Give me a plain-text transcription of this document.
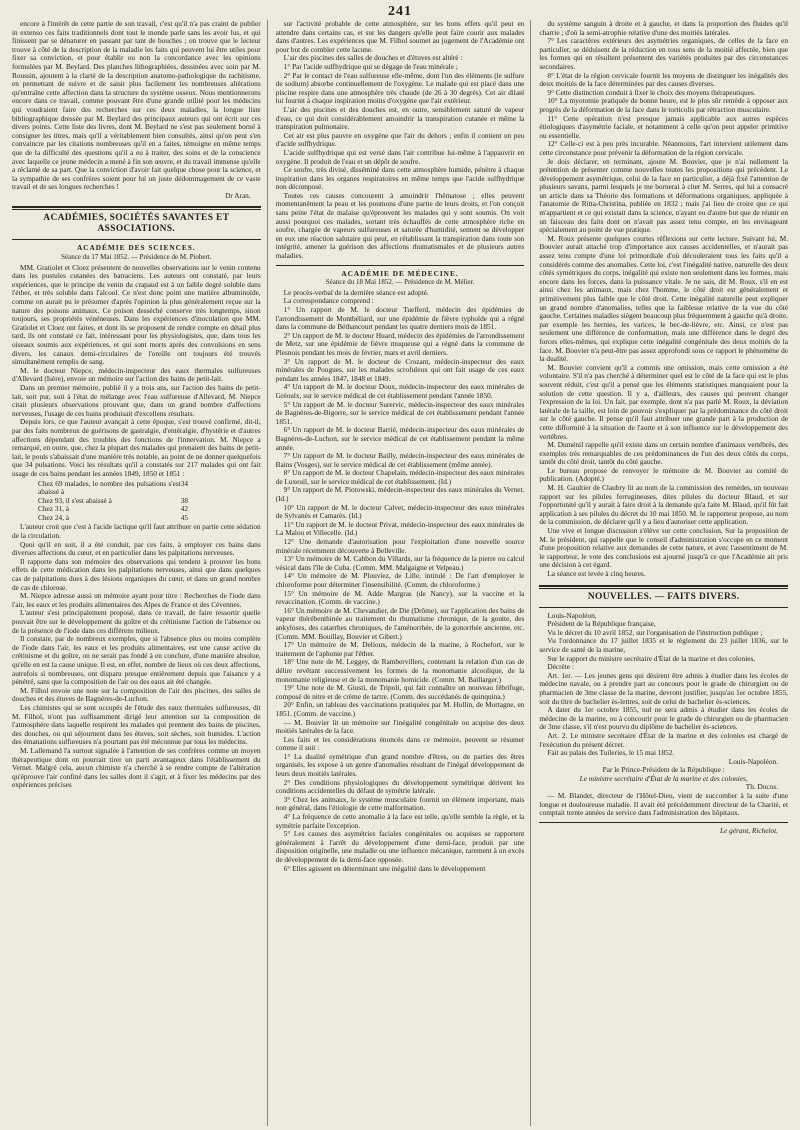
241

encore à l'intérêt de cette partie de son travail, c'est qu'il n'a pas craint de publier in extenso ces faits traditionnels dont tout le monde parle sans les avoir lus, et qui finissent par se dénaturer en passant par tant de bouches ; on trouve que le lecteur trouve à côté de la description de la maladie les faits qui peuvent lui être utiles pour fixer sa conviction, et pour établir ou non la concordance avec les opinions formulées par M. Beylard. Des planches lithographiées, dessinées avec soin par M. Roussin, ajoutent à la clarté de la description anatomo-pathologique du rachitisme, en permettant de suivre et de saisir plus facilement les nombreuses altérations qu'entraîne cette affection dans la structure du système osseux. Nous mentionnerons encore dans ce travail, comme pouvant être d'une grande utilité pour les médecins qui voudraient faire des recherches sur ces deux maladies, la longue liste bibliographique dressée par M. Beylard des principaux auteurs qui ont écrit sur ces divers points. Cette liste des livres, dont M. Beylard ne s'est pas seulement borné à consigner les titres, mais qu'il a véritablement bien consultés, ainsi qu'on peut s'en convaincre par les citations nombreuses qu'il en a faites, témoigne en même temps que de la difficulté des questions qu'il a eu à traiter, des soins et de la conscience avec laquelle ce jeune médecin a mené à fin son œuvre, et du travail immense qu'elle a réclamé de sa part. Que la conviction d'avoir fait quelque chose pour la science, et la sympathie de ses confrères soient pour lui un juste dédommagement de ce vaste travail et de ses longues recherches !

Dr Aran.

ACADÉMIES, SOCIÉTÉS SAVANTES ET ASSOCIATIONS.
ACADÉMIE DES SCIENCES.
Séance du 17 Mai 1852. — Présidence de M. Piobert.

MM. Gratiolet et Cloez présentent de nouvelles observations sur le venin contenu dans les pustules cutanées des batraciens. Les auteurs ont constaté, par leurs expériences, que le principe du venin du crapaud est à un faible degré soluble dans l'éther, et très soluble dans l'alcool. Ce n'est donc point une matière albuminoïde, comme on aurait pu le présumer d'après l'opinion la plus généralement reçue sur la nature des poisons animaux. Ce poison desséché conserve très longtemps, sinon toujours, ses propriétés vénéneuses. Dans les expériences d'inoculation que MM. Gratiolet et Cloez ont faites, et dont ils se proposent de rendre compte en détail plus tard, ils ont constaté ce fait, intéressant pour les physiologistes, que, dans tous les oiseaux soumis aux expériences, et qui sont morts après des convulsions en sens divers, les canaux demi-circulaires de l'oreille ont toujours été trouvés simultanément remplis de sang.

M. le docteur Niepce, médecin-inspecteur des eaux thermales sulfureuses d'Allevard (Isère), envoie un mémoire sur l'action des bains de petit-lait.

Dans un premier mémoire, publié il y a trois ans, sur l'action des bains de petit-lait, soit pur, soit à l'état de mélange avec l'eau sulfureuse d'Allevard, M. Niepce citait plusieurs observations prouvant que, dans un grand nombre d'affections nerveuses, l'usage de ces bains produisait d'excellens résultats.

Depuis lors, ce que l'auteur avançait à cette époque, s'est trouvé confirmé, dit-il, par des faits nombreux de guérisons de gastralgie, d'entéralgie, d'hystérie et d'autres affections dépendant des troubles des fonctions de l'innervation. M. Niepce a remarqué, en outre, que, chez la plupart des malades qui prenaient des bains de petit-lait, le pouls s'abaissait d'une manière très notable, au point de ne donner quelquefois que 34 pulsations. Voici les résultats qu'il a constatés sur 217 malades qui ont fait usage de ces bains pendant les années 1849, 1850 et 1851 :

Chez 69 malades, le nombre des pulsations s'est abaissé à
34
Chez 93, il s'est abaissé à	38
Chez 31, à	42
Chez 24, à	45

L'auteur croit que c'est à l'acide lactique qu'il faut attribuer en partie cette sédation de la circulation.

Quoi qu'il en soit, il a été conduit, par ces faits, à employer ces bains dans diverses affections du cœur, et en particulier dans les palpitations nerveuses.

Il rapporte dans son mémoire des observations qui tendent à prouver les bons effets de cette médication dans les palpitations nerveuses, ainsi que dans quelques cas de palpitations dues à des lésions organiques du cœur, et dans un grand nombre de cas de chlorose.

M. Niepce adresse aussi un mémoire ayant pour titre : Recherches de l'iode dans l'air, les eaux et les produits alimentaires des Alpes de France et des Cévennes.

L'auteur s'est principalement proposé, dans ce travail, de faire ressortir quelle pouvait être sur le développement du goître et du crétinisme l'action de l'absence ou de la présence de l'iode dans ces différens milieux.

Il constate, par de nombreux exemples, que si l'absence plus ou moins complète de l'iode dans l'air, les eaux et les produits alimentaires, est une cause active du crétinisme et du goître, on ne serait pas fondé à en conclure, d'une manière absolue, qu'elle en est la cause unique. Il est, en effet, nombre de lieux où ces deux affections, autrefois si nombreuses, ont disparu presque entièrement depuis que l'aisance y a pénétré, sans que la composition de l'air ou des eaux ait été changée.

M. Filhol envoie une note sur la composition de l'air des piscines, des salles de douches et des étuves de Bagnères-de-Luchon.

Les chimistes qui se sont occupés de l'étude des eaux thermales sulfureuses, dit M. Filhol, n'ont pas suffisamment dirigé leur attention sur la composition de l'atmosphère dans laquelle respirent les malades qui prennent des bains de piscines, des douches, ou qui séjournent dans les étuves, soit sèches, soit humides. L'action des émanations sulfureuses n'a pourtant pas été méconnue par tous les médecins.

M. Lallemand l'a surtout signalée à l'attention de ses confrères comme un moyen thérapeutique dont on pourrait tirer un parti avantageux dans l'établissement du Vernet. Malgré cela, aucun chimiste n'a cherché à se rendre compte de l'altération qu'éprouve l'air confiné dans les salles dont il s'agit, et à fixer les médecins par des expériences précises

sur l'activité probable de cette atmosphère, sur les bons effets qu'il peut en attendre dans certains cas, et sur les dangers qu'elle peut faire courir aux malades dans d'autres. Les expériences que M. Filhol soumet au jugement de l'Académie ont pour but de combler cette lacune.

L'air des piscines des salles de douches et d'étuves est altéré :

1° Par l'acide sulfhydrique qui se dégage de l'eau minérale ;

2° Par le contact de l'eau sulfureuse elle-même, dont l'un des éléments (le sulfure de sodium) absorbe continuellement de l'oxygène. Le malade qui est placé dans une piscine respire dans une atmosphère très chaude (de 26 à 30 degrés). Cet air dilaté lui fournit à chaque inspiration moins d'oxygène que l'air extérieur.

L'air des piscines et des douches est, en outre, sensiblement saturé de vapeur d'eau, ce qui doit considérablement amoindrir la transpiration cutanée et même la transpiration pulmonaire.

Cet air est plus pauvre en oxygène que l'air du dehors ; enfin il contient un peu d'acide sulfhydrique.

L'acide sulfhydrique qui est versé dans l'air contribue lui-même à l'appauvrir en oxygène. Il produit de l'eau et un dépôt de soufre.

Ce soufre, très divisé, disséminé dans cette atmosphère humide, pénètre à chaque inspiration dans les organes respiratoires en même temps que l'acide sulfhydrique non décomposé.

Toutes ces causes concourent à amoindrir l'hématose ; elles peuvent momentanément la peau et les poumons d'une partie de leurs droits, et l'on conçoit sans peine l'état de malaise qu'éprouvent les malades qui y sont soumis. On voit aussi pourquoi ces malades, sortant très échauffés de cette atmosphère riche en soufre, chargée de vapeurs sulfureuses et saturée d'humidité, sentent se développer en eux une réaction salutaire qui peut, en rétablissant la transpiration dans toute son intégrité, amener la guérison des affections rhumatismales et de plusieurs autres maladies.

ACADÉMIE DE MÉDECINE.
Séance du 18 Mai 1852. — Présidence de M. Mélier.

Le procès-verbal de la dernière séance est adopté.

La correspondance comprend :

1° Un rapport de M. le docteur Tuefferd, médecin des épidémies de l'arrondissement de Montbéliard, sur une épidémie de fièvre typhoïde qui a régné dans la commune de Béthancourt pendant les quatre derniers mois de 1851.

2° Un rapport de M. le docteur Huard, médecin des épidémies de l'arrondissement de Metz, sur une épidémie de fièvre muqueuse qui a régné dans la commune de Plesnois pendant les mois de février, mars et avril derniers.

3° Un rapport de M. le docteur de Crozant, médecin-inspecteur des eaux minérales de Pougues, sur les malades scrofuleux qui ont fait usage de ces eaux pendant les années 1847, 1848 et 1849.

4° Un rapport de M. le docteur Doux, médecin-inspecteur des eaux minérales de Gréoulx, sur le service médical de cet établissement pendant l'année 1850.

5° Un rapport de M. le docteur Surervic, médecin-inspecteur des eaux minérales de Bagnères-de-Bigorre, sur le service médical de cet établissement pendant l'année 1851.

6° Un rapport de M. le docteur Barrié, médecin-inspecteur des eaux minérales de Bagnères-de-Luchon, sur le service médical de cet établissement pendant la même année.

7° Un rapport de M. le docteur Bailly, médecin-inspecteur des eaux minérales de Bains (Vosges), sur le service médical de cet établissement (même année).

8° Un rapport de M. le docteur Chapelain, médecin-inspecteur des eaux minérales de Luxeuil, sur le service médical de cet établissement. (Id.)

9° Un rapport de M. Piotowski, médecin-inspecteur des eaux minérales du Vernet. (Id.)

10° Un rapport de M. le docteur Calvet, médecin-inspecteur des eaux minérales de Sylvanès et Camarès. (Id.)

11° Un rapport de M. le docteur Privat, médecin-inspecteur des eaux minérales de La Malou et Villecelle. (Id.)

12° Une demande d'autorisation pour l'exploitation d'une nouvelle source minérale récemment découverte à Belleville.

13° Un mémoire de M. Cabbon du Villards, sur la fréquence de la pierre ou calcul vésical dans l'île de Cuba. (Comm. MM. Malgaigne et Velpeau.)

14° Un mémoire de M. Plouviez, de Lille, intitulé : De l'art d'employer le chloroforme pour déterminer l'insensibilité. (Comm. du chloroforme.)

15° Un mémoire de M. Adde Margras (de Nancy), sur la vaccine et la revaccination. (Comm. de vaccine.)

16° Un mémoire de M. Chevandier, de Die (Drôme), sur l'application des bains de vapeur thérébenthinée au traitement du rhumatisme chronique, de la goutte, des ankyloses, des catarrhes chroniques, de l'aménorrhée, de la gonorrhée ancienne, etc. (Comm. MM. Bouillay, Bouvier et Gibert.)

17° Un mémoire de M. Delioux, médecin de la marine, à Rochefort, sur le traitement de l'aphonie par l'éther.

18° Une note de M. Leggey, de Rambervillers, contenant la relation d'un cas de délire revêtant successivement les formes de la monomanie alcoolique, de la monomanie religieuse et de la monomanie homicide. (Comm. M. Baillarger.)

19° Une note de M. Giusti, de Tripoli, qui fait connaître un nouveau fébrifuge, composé de nitre et de crème de tartre. (Comm. des succédanés de quinquina.)

20° Enfin, un tableau des vaccinations pratiquées par M. Hullin, de Mortagne, en 1851. (Comm. de vaccine.)

— M. Bouvier lit un mémoire sur l'inégalité congénitale ou acquise des deux moitiés latérales de la face.

Les faits et les considérations énoncés dans ce mémoire, peuvent se résumer comme il suit :

1° La dualité symétrique d'un grand nombre d'êtres, ou de parties des êtres organisés, les expose à un genre d'anomalies résultant de l'inégal développement de leurs deux moitiés latérales.

2° Des conditions physiologiques du développement symétrique dérivent les conditions accidentelles du défaut de symétrie latérale.

3° Chez les animaux, le système musculaire fournit un élément important, mais non général, dans l'étiologie de cette malformation.

4° La fréquence de cette anomalie à la face est telle, qu'elle semble la règle, et la symétrie parfaite l'exception.

5° Les causes des asymétries faciales congénitales ou acquises se rapportent généralement à l'arrêt du développement d'une demi-face, produit par une disposition originelle, une maladie ou une influence mécanique, rarement à un excès de développement de la demi-face opposée.

6° Elles agissent en déterminant une inégalité dans le développement

du système sanguin à droite et à gauche, et dans la proportion des fluides qu'il charrie ; d'où la semi-atrophie relative d'une des moitiés latérales.

7° Les caractères extérieurs des asymétries organiques, de celles de la face en particulier, se déduisent de la réduction en tous sens de la moitié affectée, bien que les formes qui en résultent présentent des variétés produites par des circonstances secondaires.

8° L'état de la région cervicale fournit les moyens de distinguer les inégalités des deux moitiés de la face déterminées par des causes diverses.

9° Cette distinction conduit à fixer le choix des moyens thérapeutiques.

10° La myotomie pratiquée de bonne heure, est le plus sûr remède à opposer aux progrès de la déformation de la face dans le torticolis par rétraction musculaire.

11° Cette opération n'est presque jamais applicable aux autres espèces étiologiques d'asymétrie faciale, et notamment à celle qu'on peut appeler primitive ou essentielle.

12° Celle-ci est à peu près incurable. Néanmoins, l'art intervient utilement dans cette circonstance pour prévenir la déformation de la région cervicale.

Je dois déclarer, en terminant, ajoute M. Bouvier, que je n'ai nullement la prétention de présenter comme nouvelles toutes les propositions qui précèdent. Le développement asymétrique, celui de la face en particulier, a déjà fixé l'attention de plusieurs savans, parmi lesquels je me bornerai à citer M. Serres, qui lui a consacré un article dans sa Théorie des formations et déformations organiques, appliquée à l'anatomie de Ritta-Christina, publiée en 1832 ; mais j'ai lieu de croire que ce qui m'appartient et ce qui existait dans la science, n'ayant eu d'autre but que de réunir en un faisceau des faits dont on n'avait pas assez tenu compte, en les envisageant spécialement au point de vue pratique.

M. Roux présente quelques courtes réflexions sur cette lecture. Suivant lui, M. Bouvier aurait attaché trop d'importance aux causes accidentelles, et n'aurait pas assez tenu compte d'une loi primordiale d'où découleraient tous les faits qu'il a considérés comme des anomalies. Cette loi, c'est l'inégalité native, naturelle des deux côtés symétriques du corps, inégalité qui existe non seulement dans les formes, mais encore dans les forces, dans la puissance vitale. Je ne sais, dit M. Roux, s'il en est ainsi chez les animaux, mais chez l'homme, le côté droit est généralement et primitivement plus faible que le côté droit. Cette inégalité naturelle peut expliquer un grand nombre d'anomalies, telles que la faiblesse relative de la vue du côté gauche. Certaines maladies siègent beaucoup plus fréquemment à gauche qu'à droite, par exemple les hernies, les varices, le bec-de-lièvre, etc. Ainsi, ce n'est pas seulement une différence de conformation, mais une différence dans le degré des forces elles-mêmes, qui explique cette inégalité congénitale des deux moitiés de la face. M. Bouvier n'a peut-être pas assez approfondi sous ce rapport le phénomène de la dualité.

M. Bouvier convient qu'il a commis une omission, mais cette omission a été volontaire. S'il n'a pas cherché à déterminer quel est le côté de la face qui est le plus souvent réduit, c'est qu'il a pensé que les éléments statistiques manquaient pour la solution de cette question. Il y a, d'ailleurs, des causes qui peuvent changer l'expression de la loi. Un fait, par exemple, dont n'a pas parlé M. Roux, la déviation latérale de la taille, est loin de pouvoir s'expliquer par la prédominance du côté droit sur le côté gauche. Il pense qu'il faut attribuer une grande part à la production de cette difformité à la situation de l'aorte et à son influence sur le développement des vertèbres.

M. Duménil rappelle qu'il existe dans un certain nombre d'animaux vertébrés, des exemples très remarquables de ces prédominances de l'un des deux côtés du corps, tantôt du côté droit, tantôt du côté gauche.

Le bureau propose de renvoyer le mémoire de M. Bouvier au comité de publication. (Adopté.)

M. H. Gaultier de Claubry lit au nom de la commission des remèdes, un nouveau rapport sur les pilules ferrugineuses, dites pilules du docteur Blaud, et sur l'opportunité qu'il y aurait à faire droit à la demande qu'a faite M. Blaud, qu'il fût fait application à ses pilules du décret du 10 mai 1850. M. le rapporteur propose, au nom de la commission, de déclarer qu'il y a lieu d'autoriser cette application.

Une vive et longue discussion s'élève sur cette conclusion. Sur la proposition de M. le président, qui rappelle que le conseil d'administration s'occupe en ce moment d'une proposition relative aux demandes de cette nature, et avec l'assentiment de M. le rapporteur, le vote des conclusions est ajourné jusqu'à ce que l'Académie ait pris une décision à cet égard.

La séance est levée à cinq heures.

NOUVELLES. — FAITS DIVERS.

Louis-Napoléon,

Président de la République française,

Vu le décret du 10 avril 1852, sur l'organisation de l'instruction publique ;

Vu l'ordonnance du 17 juillet 1835 et le règlement du 23 juillet 1836, sur le service de santé de la marine,

Sur le rapport du ministre secrétaire d'État de la marine et des colonies,

Décrète :

Art. 1er. — Les jeunes gens qui désirent être admis à étudier dans les écoles de médecine navale, ou à prendre part au concours pour le grade de chirurgien ou de pharmacien de 3me classe de la marine, devront justifier, jusqu'au 1er octobre 1855, soit du titre de bachelier ès-lettres, soit de celui de bachelier ès-sciences.

A dater du 1er octobre 1855, nul ne sera admis à étudier dans les écoles de médecine de la marine, ou à concourir pour le grade de chirurgien ou de pharmacien de 3me classe, s'il n'est pourvu du diplôme de bachelier ès-sciences.

Art. 2. Le ministre secrétaire d'État de la marine et des colonies est chargé de l'exécution du présent décret.

Fait au palais des Tuileries, le 15 mai 1852.

Louis-Napoléon.

Par le Prince-Président de la République :

Le ministre secrétaire d'État de la marine et des colonies,

Th. Ducos.

— M. Blandet, directeur de l'Hôtel-Dieu, vient de succomber à la suite d'une longue et douloureuse maladie. Il avait été précédemment directeur de la Charité, et comptait trente années de service dans l'administration des hôpitaux.

Le gérant, Richelot.
